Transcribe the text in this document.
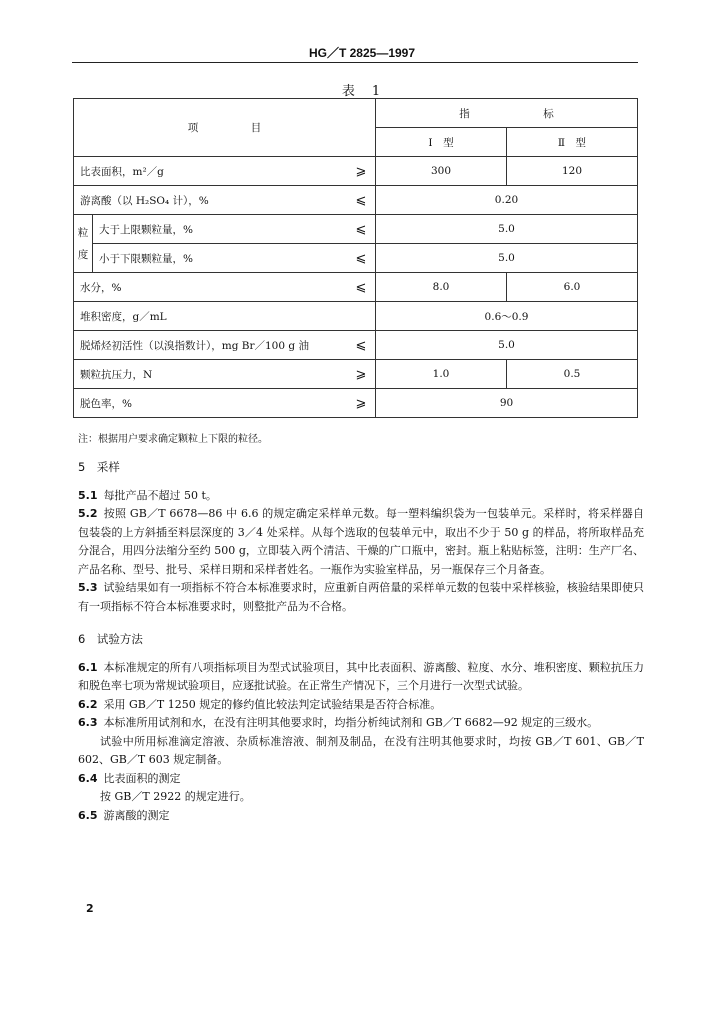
HG／T 2825—1997
表　1
项　　　　　目			指　　　　　　　标	
			Ⅰ　型	Ⅱ　型
比表面积，m²／g		⩾	300	120
游离酸（以 H₂SO₄ 计），%		⩽	0.20	
粒度	大于上限颗粒量，%	⩽	5.0	
	小于下限颗粒量，%	⩽	5.0	
水分，%		⩽	8.0	6.0
堆积密度，g／mL			0.6～0.9	
脱烯烃初活性（以溴指数计），mg Br／100 g 油		⩽	5.0	
颗粒抗压力，N		⩾	1.0	0.5
脱色率，%		⩾	90	
注：根据用户要求确定颗粒上下限的粒径。

5　采样

5.1 每批产品不超过 50 t。

5.2 按照 GB／T 6678—86 中 6.6 的规定确定采样单元数。每一塑料编织袋为一包装单元。采样时，将采样器自包装袋的上方斜插至料层深度的 3／4 处采样。从每个选取的包装单元中，取出不少于 50 g 的样品，将所取样品充分混合，用四分法缩分至约 500 g，立即装入两个清洁、干燥的广口瓶中，密封。瓶上粘贴标签，注明：生产厂名、产品名称、型号、批号、采样日期和采样者姓名。一瓶作为实验室样品，另一瓶保存三个月备查。

5.3 试验结果如有一项指标不符合本标准要求时，应重新自两倍量的采样单元数的包装中采样核验，核验结果即使只有一项指标不符合本标准要求时，则整批产品为不合格。

6　试验方法

6.1 本标准规定的所有八项指标项目为型式试验项目，其中比表面积、游离酸、粒度、水分、堆积密度、颗粒抗压力和脱色率七项为常规试验项目，应逐批试验。在正常生产情况下，三个月进行一次型式试验。

6.2 采用 GB／T 1250 规定的修约值比较法判定试验结果是否符合标准。

6.3 本标准所用试剂和水，在没有注明其他要求时，均指分析纯试剂和 GB／T 6682—92 规定的三级水。

试验中所用标准滴定溶液、杂质标准溶液、制剂及制品，在没有注明其他要求时，均按 GB／T 601、GB／T 602、GB／T 603 规定制备。

6.4 比表面积的测定

按 GB／T 2922 的规定进行。

6.5 游离酸的测定

2
